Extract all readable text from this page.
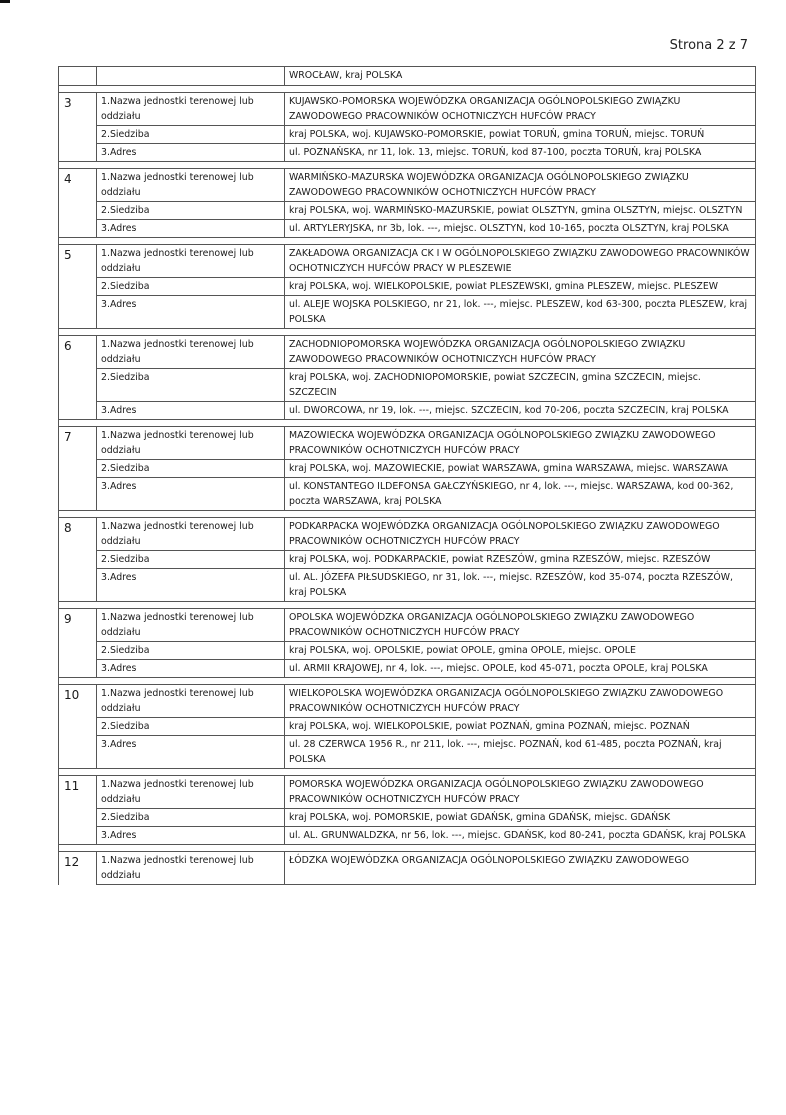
Strona 2 z 7
		WROCŁAW, kraj POLSKA

3	1.Nazwa jednostki terenowej lub oddziału	KUJAWSKO-POMORSKA WOJEWÓDZKA ORGANIZACJA OGÓLNOPOLSKIEGO ZWIĄZKU ZAWODOWEGO PRACOWNIKÓW OCHOTNICZYCH HUFCÓW PRACY
	2.Siedziba	kraj POLSKA, woj. KUJAWSKO-POMORSKIE, powiat TORUŃ, gmina TORUŃ, miejsc. TORUŃ
	3.Adres	ul. POZNAŃSKA, nr 11, lok. 13, miejsc. TORUŃ, kod 87-100, poczta TORUŃ, kraj POLSKA

4	1.Nazwa jednostki terenowej lub oddziału	WARMIŃSKO-MAZURSKA WOJEWÓDZKA ORGANIZACJA OGÓLNOPOLSKIEGO ZWIĄZKU ZAWODOWEGO PRACOWNIKÓW OCHOTNICZYCH HUFCÓW PRACY
	2.Siedziba	kraj POLSKA, woj. WARMIŃSKO-MAZURSKIE, powiat OLSZTYN, gmina OLSZTYN, miejsc. OLSZTYN
	3.Adres	ul. ARTYLERYJSKA, nr 3b, lok. ---, miejsc. OLSZTYN, kod 10-165, poczta OLSZTYN, kraj POLSKA

5	1.Nazwa jednostki terenowej lub oddziału	ZAKŁADOWA ORGANIZACJA CK I W OGÓLNOPOLSKIEGO ZWIĄZKU ZAWODOWEGO PRACOWNIKÓW OCHOTNICZYCH HUFCÓW PRACY W PLESZEWIE
	2.Siedziba	kraj POLSKA, woj. WIELKOPOLSKIE, powiat PLESZEWSKI, gmina PLESZEW, miejsc. PLESZEW
	3.Adres	ul. ALEJE WOJSKA POLSKIEGO, nr 21, lok. ---, miejsc. PLESZEW, kod 63-300, poczta PLESZEW, kraj POLSKA

6	1.Nazwa jednostki terenowej lub oddziału	ZACHODNIOPOMORSKA WOJEWÓDZKA ORGANIZACJA OGÓLNOPOLSKIEGO ZWIĄZKU ZAWODOWEGO PRACOWNIKÓW OCHOTNICZYCH HUFCÓW PRACY
	2.Siedziba	kraj POLSKA, woj. ZACHODNIOPOMORSKIE, powiat SZCZECIN, gmina SZCZECIN, miejsc. SZCZECIN
	3.Adres	ul. DWORCOWA, nr 19, lok. ---, miejsc. SZCZECIN, kod 70-206, poczta SZCZECIN, kraj POLSKA

7	1.Nazwa jednostki terenowej lub oddziału	MAZOWIECKA WOJEWÓDZKA ORGANIZACJA OGÓLNOPOLSKIEGO ZWIĄZKU ZAWODOWEGO PRACOWNIKÓW OCHOTNICZYCH HUFCÓW PRACY
	2.Siedziba	kraj POLSKA, woj. MAZOWIECKIE, powiat WARSZAWA, gmina WARSZAWA, miejsc. WARSZAWA
	3.Adres	ul. KONSTANTEGO ILDEFONSA GAŁCZYŃSKIEGO, nr 4, lok. ---, miejsc. WARSZAWA, kod 00-362, poczta WARSZAWA, kraj POLSKA

8	1.Nazwa jednostki terenowej lub oddziału	PODKARPACKA WOJEWÓDZKA ORGANIZACJA OGÓLNOPOLSKIEGO ZWIĄZKU ZAWODOWEGO PRACOWNIKÓW OCHOTNICZYCH HUFCÓW PRACY
	2.Siedziba	kraj POLSKA, woj. PODKARPACKIE, powiat RZESZÓW, gmina RZESZÓW, miejsc. RZESZÓW
	3.Adres	ul. AL. JÓZEFA PIŁSUDSKIEGO, nr 31, lok. ---, miejsc. RZESZÓW, kod 35-074, poczta RZESZÓW, kraj POLSKA

9	1.Nazwa jednostki terenowej lub oddziału	OPOLSKA WOJEWÓDZKA ORGANIZACJA OGÓLNOPOLSKIEGO ZWIĄZKU ZAWODOWEGO PRACOWNIKÓW OCHOTNICZYCH HUFCÓW PRACY
	2.Siedziba	kraj POLSKA, woj. OPOLSKIE, powiat OPOLE, gmina OPOLE, miejsc. OPOLE
	3.Adres	ul. ARMII KRAJOWEJ, nr 4, lok. ---, miejsc. OPOLE, kod 45-071, poczta OPOLE, kraj POLSKA

10	1.Nazwa jednostki terenowej lub oddziału	WIELKOPOLSKA WOJEWÓDZKA ORGANIZACJA OGÓLNOPOLSKIEGO ZWIĄZKU ZAWODOWEGO PRACOWNIKÓW OCHOTNICZYCH HUFCÓW PRACY
	2.Siedziba	kraj POLSKA, woj. WIELKOPOLSKIE, powiat POZNAŃ, gmina POZNAŃ, miejsc. POZNAŃ
	3.Adres	ul. 28 CZERWCA 1956 R., nr 211, lok. ---, miejsc. POZNAŃ, kod 61-485, poczta POZNAŃ, kraj POLSKA

11	1.Nazwa jednostki terenowej lub oddziału	POMORSKA WOJEWÓDZKA ORGANIZACJA OGÓLNOPOLSKIEGO ZWIĄZKU ZAWODOWEGO PRACOWNIKÓW OCHOTNICZYCH HUFCÓW PRACY
	2.Siedziba	kraj POLSKA, woj. POMORSKIE, powiat GDAŃSK, gmina GDAŃSK, miejsc. GDAŃSK
	3.Adres	ul. AL. GRUNWALDZKA, nr 56, lok. ---, miejsc. GDAŃSK, kod 80-241, poczta GDAŃSK, kraj POLSKA

12	1.Nazwa jednostki terenowej lub oddziału	ŁÓDZKA WOJEWÓDZKA ORGANIZACJA OGÓLNOPOLSKIEGO ZWIĄZKU ZAWODOWEGO
